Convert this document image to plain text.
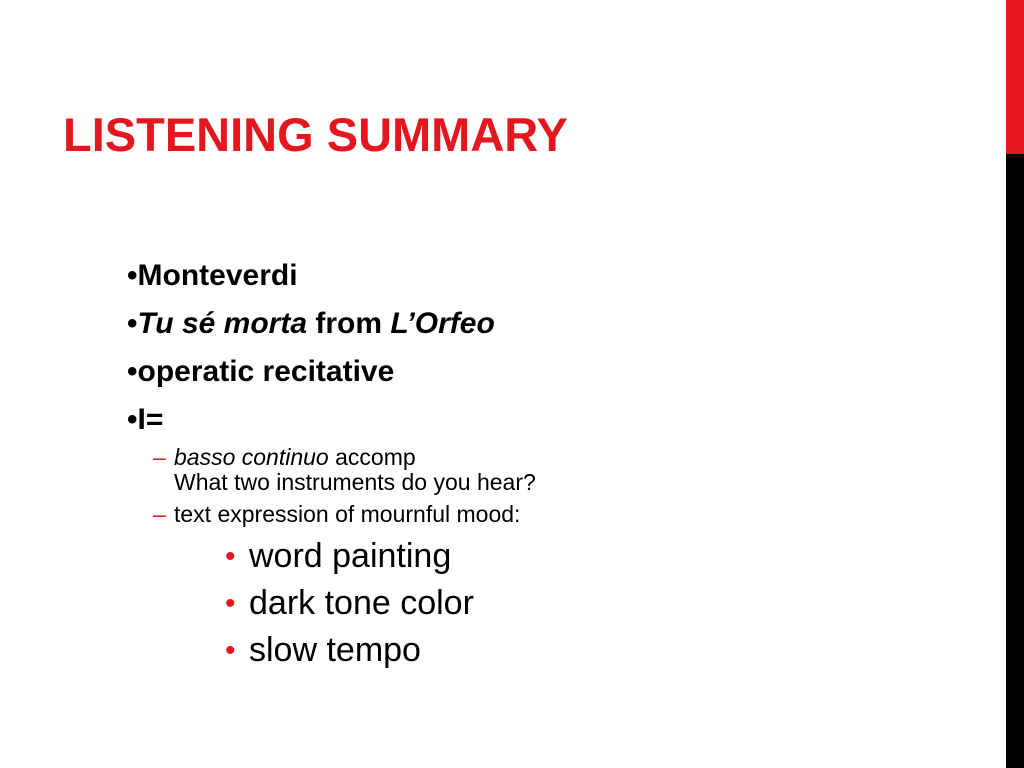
LISTENING SUMMARY
•Monteverdi
•Tu sé morta from L’Orfeo
•operatic recitative
•I=
– basso continuo accomp
What two instruments do you hear?
– text expression of mournful mood:
• word painting
• dark tone color
• slow tempo
